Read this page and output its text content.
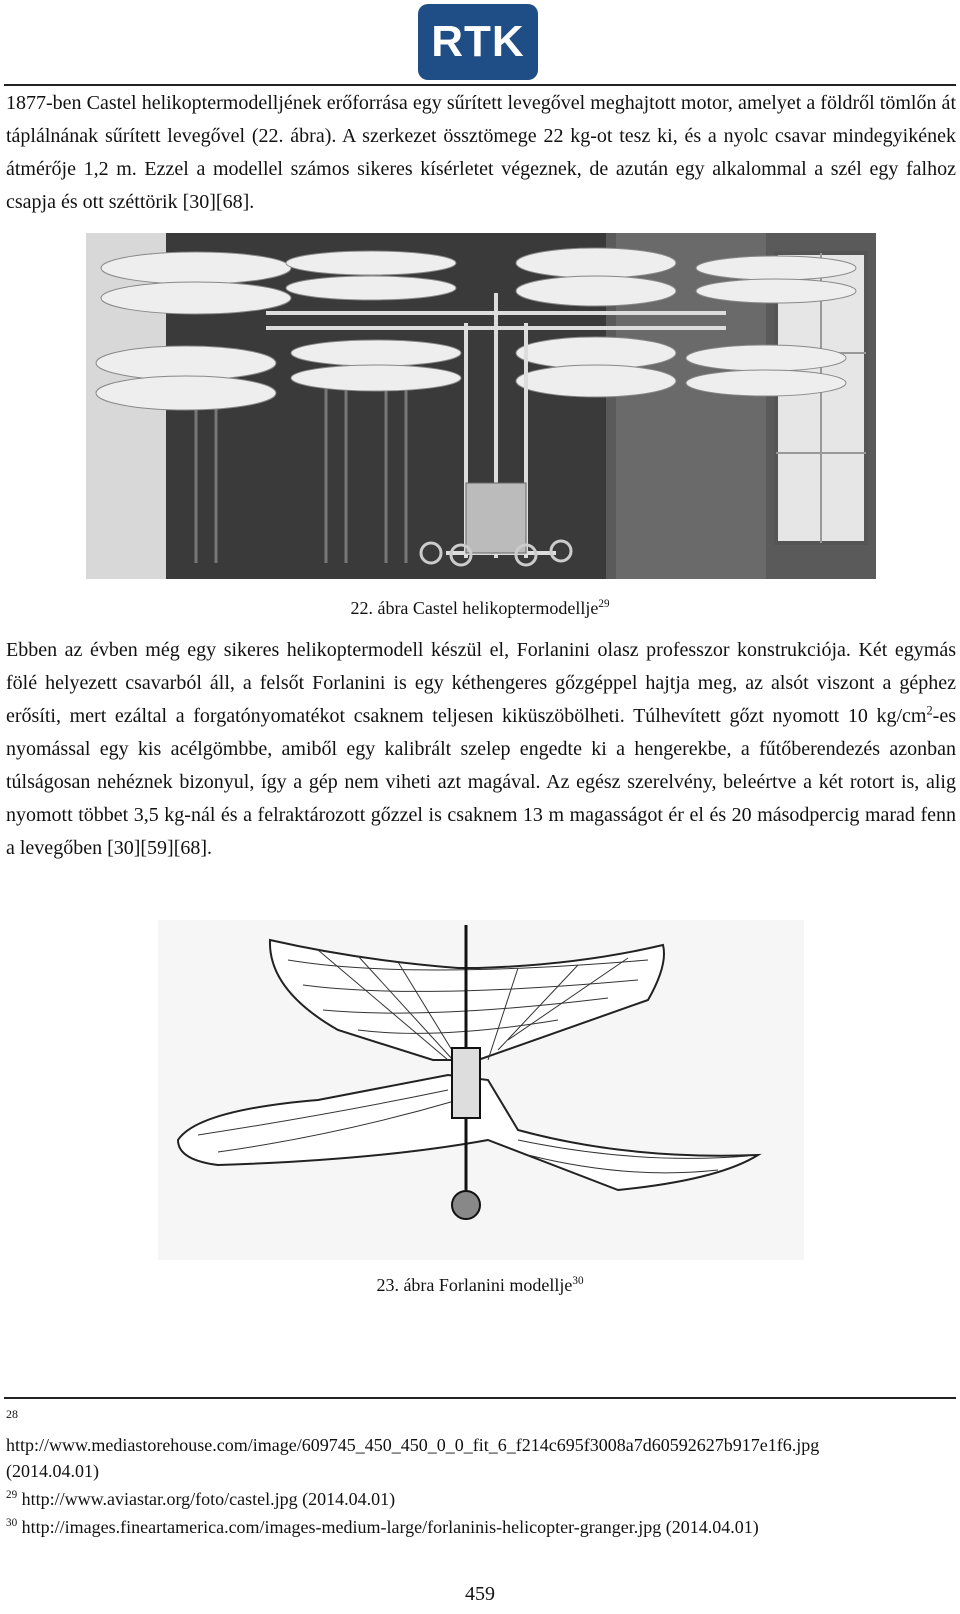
RTK

1877-ben Castel helikoptermodelljének erőforrása egy sűrített levegővel meghajtott motor, amelyet a földről tömlőn át táplálnának sűrített levegővel (22. ábra). A szerkezet össztömege 22 kg-ot tesz ki, és a nyolc csavar mindegyikének átmérője 1,2 m. Ezzel a modellel számos sikeres kísérletet végeznek, de azután egy alkalommal a szél egy falhoz csapja és ott széttörik [30][68].

22. ábra Castel helikoptermodellje$^{29}$

Ebben az évben még egy sikeres helikoptermodell készül el, Forlanini olasz professzor konstrukciója. Két egymás fölé helyezett csavarból áll, a felsőt Forlanini is egy kéthengeres gőzgéppel hajtja meg, az alsót viszont a géphez erősíti, mert ezáltal a forgatónyomatékot csaknem teljesen kiküszöbölheti. Túlhevített gőzt nyomott 10 $kg/cm^2-es$ nyomással egy kis acélgömbbe, amiből egy kalibrált szelep engedte ki a hengerekbe, a fűtőberendezés azonban túlságosan nehéznek bizonyul, így a gép nem viheti azt magával. Az egész szerelvény, beleértve a két rotort is, alig nyomott többet 3,5 kg-nál és a felraktározott gőzzel is csaknem 13 m magasságot ér el és 20 másodpercig marad fenn a levegőben [30][59][68].

23. ábra Forlanini modellje$^{30}$
28
http://www.mediastorehouse.com/image/609745_450_450_0_0_fit_6_f214c695f3008a7d60592627b917e1f6.jpg
(2014.04.01)
$^{29}$ http://www.aviastar.org/foto/castel.jpg (2014.04.01)
$^{30}$ http://images.fineartamerica.com/images-medium-large/forlaninis-helicopter-granger.jpg (2014.04.01)
459
